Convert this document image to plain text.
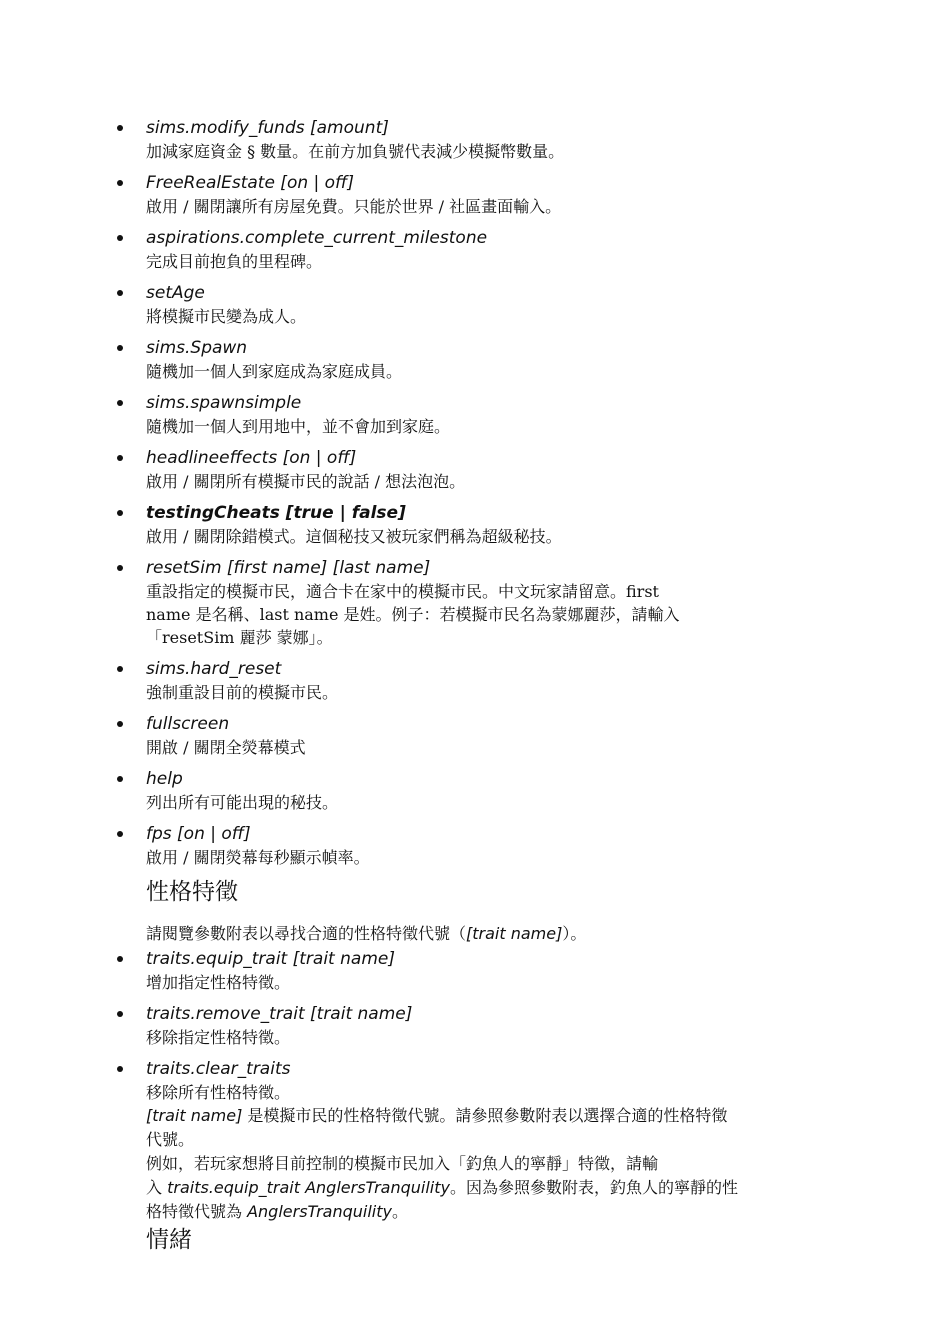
sims.modify_funds [amount]
加減家庭資金 § 數量。在前方加負號代表減少模擬幣數量。
FreeRealEstate [on | off]
啟用 / 關閉讓所有房屋免費。只能於世界 / 社區畫面輸入。
aspirations.complete_current_milestone
完成目前抱負的里程碑。
setAge
將模擬市民變為成人。
sims.Spawn
隨機加一個人到家庭成為家庭成員。
sims.spawnsimple
隨機加一個人到用地中，並不會加到家庭。
headlineeffects [on | off]
啟用 / 關閉所有模擬市民的說話 / 想法泡泡。
testingCheats [true | false]
啟用 / 關閉除錯模式。這個秘技又被玩家們稱為超級秘技。
resetSim [first name] [last name]
重設指定的模擬市民，適合卡在家中的模擬市民。中文玩家請留意。first
name 是名稱、last name 是姓。例子：若模擬市民名為蒙娜麗莎，請輸入
「resetSim 麗莎 蒙娜」。
sims.hard_reset
強制重設目前的模擬市民。
fullscreen
開啟 / 關閉全熒幕模式
help
列出所有可能出現的秘技。
fps [on | off]
啟用 / 關閉熒幕每秒顯示幀率。
性格特徵
請閱覽參數附表以尋找合適的性格特徵代號（[trait name]）。
traits.equip_trait [trait name]
增加指定性格特徵。
traits.remove_trait [trait name]
移除指定性格特徵。
traits.clear_traits
移除所有性格特徵。
[trait name] 是模擬市民的性格特徵代號。請參照參數附表以選擇合適的性格特徵
代號。
例如，若玩家想將目前控制的模擬市民加入「釣魚人的寧靜」特徵，請輸
入 traits.equip_trait AnglersTranquility。因為參照參數附表，釣魚人的寧靜的性
格特徵代號為 AnglersTranquility。
情緒
